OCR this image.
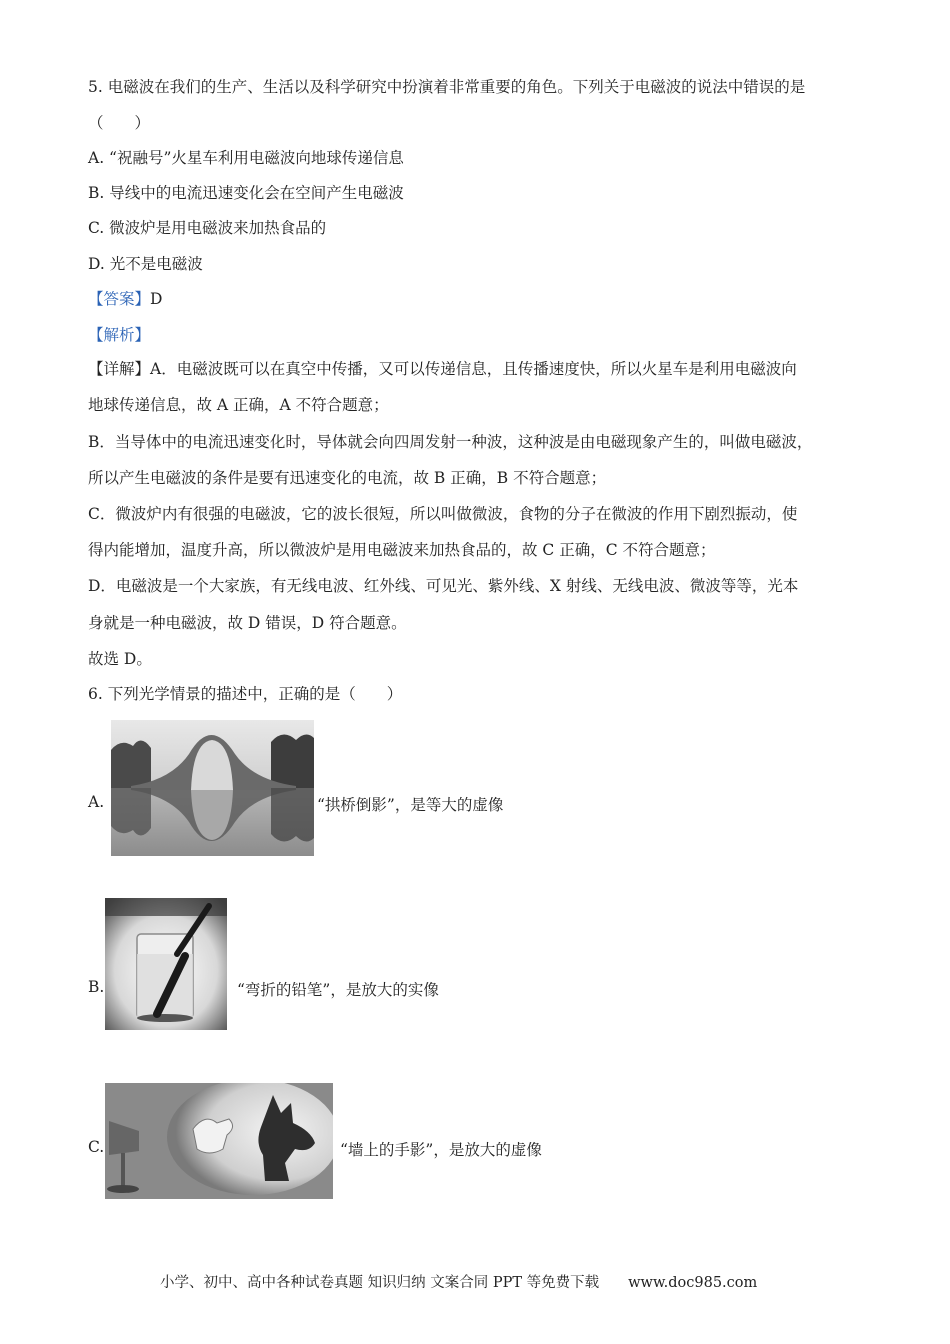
5. 电磁波在我们的生产、生活以及科学研究中扮演着非常重要的角色。下列关于电磁波的说法中错误的是
（　　）
A. “祝融号”火星车利用电磁波向地球传递信息
B. 导线中的电流迅速变化会在空间产生电磁波
C. 微波炉是用电磁波来加热食品的
D. 光不是电磁波
【答案】D
【解析】
【详解】A．电磁波既可以在真空中传播，又可以传递信息，且传播速度快，所以火星车是利用电磁波向
地球传递信息，故 A 正确，A 不符合题意；
B．当导体中的电流迅速变化时，导体就会向四周发射一种波，这种波是由电磁现象产生的，叫做电磁波，
所以产生电磁波的条件是要有迅速变化的电流，故 B 正确，B 不符合题意；
C．微波炉内有很强的电磁波，它的波长很短，所以叫做微波，食物的分子在微波的作用下剧烈振动，使
得内能增加，温度升高，所以微波炉是用电磁波来加热食品的，故 C 正确，C 不符合题意；
D．电磁波是一个大家族，有无线电波、红外线、可见光、紫外线、X 射线、无线电波、微波等等，光本
身就是一种电磁波，故 D 错误，D 符合题意。
故选 D。
6. 下列光学情景的描述中，正确的是（　　）
A.	“拱桥倒影”，是等大的虚像
B.	“弯折的铅笔”，是放大的实像
C.	“墙上的手影”，是放大的虚像
小学、初中、高中各种试卷真题 知识归纳 文案合同 PPT 等免费下载　　www.doc985.com
